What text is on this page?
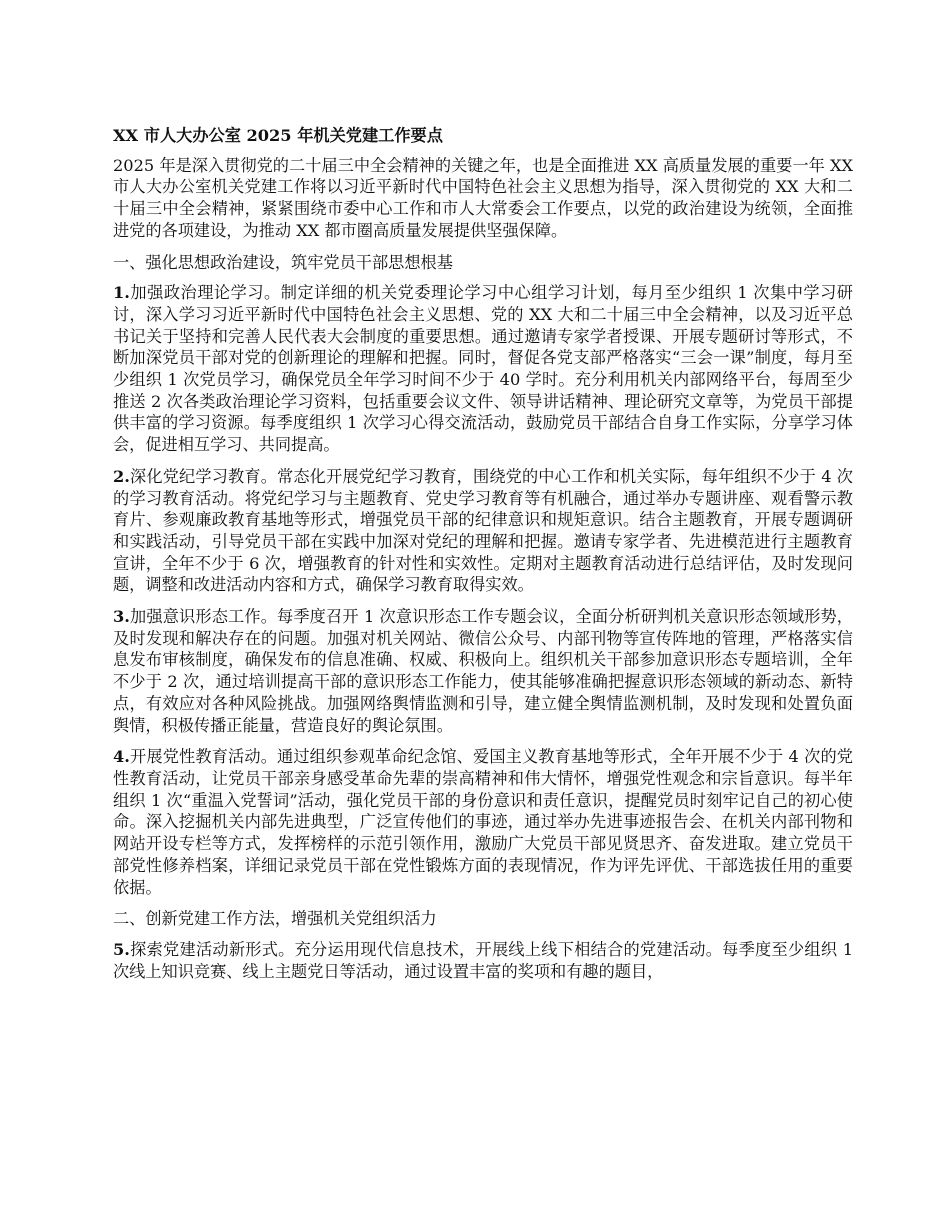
XX 市人大办公室 2025 年机关党建工作要点

2025 年是深入贯彻党的二十届三中全会精神的关键之年，也是全面推进 XX 高质量发展的重要一年 XX 市人大办公室机关党建工作将以习近平新时代中国特色社会主义思想为指导，深入贯彻党的 XX 大和二十届三中全会精神，紧紧围绕市委中心工作和市人大常委会工作要点，以党的政治建设为统领，全面推进党的各项建设，为推动 XX 都市圈高质量发展提供坚强保障。

一、强化思想政治建设，筑牢党员干部思想根基

1.加强政治理论学习。制定详细的机关党委理论学习中心组学习计划，每月至少组织 1 次集中学习研讨，深入学习习近平新时代中国特色社会主义思想、党的 XX 大和二十届三中全会精神，以及习近平总书记关于坚持和完善人民代表大会制度的重要思想。通过邀请专家学者授课、开展专题研讨等形式，不断加深党员干部对党的创新理论的理解和把握。同时，督促各党支部严格落实“三会一课”制度，每月至少组织 1 次党员学习，确保党员全年学习时间不少于 40 学时。充分利用机关内部网络平台，每周至少推送 2 次各类政治理论学习资料，包括重要会议文件、领导讲话精神、理论研究文章等，为党员干部提供丰富的学习资源。每季度组织 1 次学习心得交流活动，鼓励党员干部结合自身工作实际，分享学习体会，促进相互学习、共同提高。

2.深化党纪学习教育。常态化开展党纪学习教育，围绕党的中心工作和机关实际，每年组织不少于 4 次的学习教育活动。将党纪学习与主题教育、党史学习教育等有机融合，通过举办专题讲座、观看警示教育片、参观廉政教育基地等形式，增强党员干部的纪律意识和规矩意识。结合主题教育，开展专题调研和实践活动，引导党员干部在实践中加深对党纪的理解和把握。邀请专家学者、先进模范进行主题教育宣讲，全年不少于 6 次，增强教育的针对性和实效性。定期对主题教育活动进行总结评估，及时发现问题，调整和改进活动内容和方式，确保学习教育取得实效。

3.加强意识形态工作。每季度召开 1 次意识形态工作专题会议，全面分析研判机关意识形态领域形势，及时发现和解决存在的问题。加强对机关网站、微信公众号、内部刊物等宣传阵地的管理，严格落实信息发布审核制度，确保发布的信息准确、权威、积极向上。组织机关干部参加意识形态专题培训，全年不少于 2 次，通过培训提高干部的意识形态工作能力，使其能够准确把握意识形态领域的新动态、新特点，有效应对各种风险挑战。加强网络舆情监测和引导，建立健全舆情监测机制，及时发现和处置负面舆情，积极传播正能量，营造良好的舆论氛围。

4.开展党性教育活动。通过组织参观革命纪念馆、爱国主义教育基地等形式，全年开展不少于 4 次的党性教育活动，让党员干部亲身感受革命先辈的崇高精神和伟大情怀，增强党性观念和宗旨意识。每半年组织 1 次“重温入党誓词”活动，强化党员干部的身份意识和责任意识，提醒党员时刻牢记自己的初心使命。深入挖掘机关内部先进典型，广泛宣传他们的事迹，通过举办先进事迹报告会、在机关内部刊物和网站开设专栏等方式，发挥榜样的示范引领作用，激励广大党员干部见贤思齐、奋发进取。建立党员干部党性修养档案，详细记录党员干部在党性锻炼方面的表现情况，作为评先评优、干部选拔任用的重要依据。

二、创新党建工作方法，增强机关党组织活力

5.探索党建活动新形式。充分运用现代信息技术，开展线上线下相结合的党建活动。每季度至少组织 1 次线上知识竞赛、线上主题党日等活动，通过设置丰富的奖项和有趣的题目，
